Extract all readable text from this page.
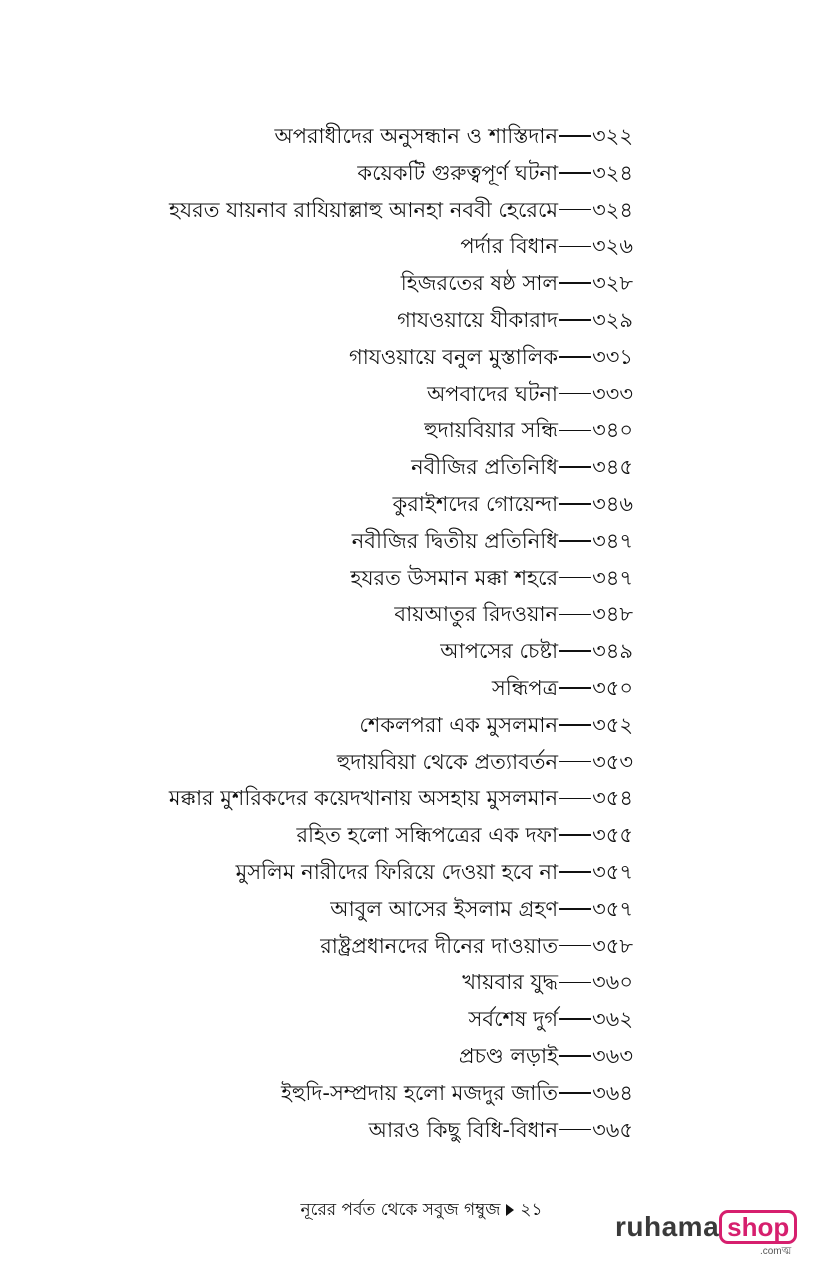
অপরাধীদের অনুসন্ধান ও শাস্তিদান ৩২২
কয়েকটি গুরুত্বপূর্ণ ঘটনা ৩২৪
হযরত যায়নাব রাযিয়াল্লাহু আনহা নববী হেরেমে ৩২৪
পর্দার বিধান ৩২৬
হিজরতের ষষ্ঠ সাল ৩২৮
গাযওয়ায়ে যীকারাদ ৩২৯
গাযওয়ায়ে বনুল মুস্তালিক ৩৩১
অপবাদের ঘটনা ৩৩৩
হুদায়বিয়ার সন্ধি ৩৪০
নবীজির প্রতিনিধি ৩৪৫
কুরাইশদের গোয়েন্দা ৩৪৬
নবীজির দ্বিতীয় প্রতিনিধি ৩৪৭
হযরত উসমান মক্কা শহরে ৩৪৭
বায়আতুর রিদওয়ান ৩৪৮
আপসের চেষ্টা ৩৪৯
সন্ধিপত্র ৩৫০
শেকলপরা এক মুসলমান ৩৫২
হুদায়বিয়া থেকে প্রত্যাবর্তন ৩৫৩
মক্কার মুশরিকদের কয়েদখানায় অসহায় মুসলমান ৩৫৪
রহিত হলো সন্ধিপত্রের এক দফা ৩৫৫
মুসলিম নারীদের ফিরিয়ে দেওয়া হবে না ৩৫৭
আবুল আসের ইসলাম গ্রহণ ৩৫৭
রাষ্ট্রপ্রধানদের দীনের দাওয়াত ৩৫৮
খায়বার যুদ্ধ ৩৬০
সর্বশেষ দুর্গ ৩৬২
প্রচণ্ড লড়াই ৩৬৩
ইহুদি-সম্প্রদায় হলো মজদুর জাতি ৩৬৪
আরও কিছু বিধি-বিধান ৩৬৫
নূরের পর্বত থেকে সবুজ গম্বুজ ২১
ruhama shop
.comত্ম
